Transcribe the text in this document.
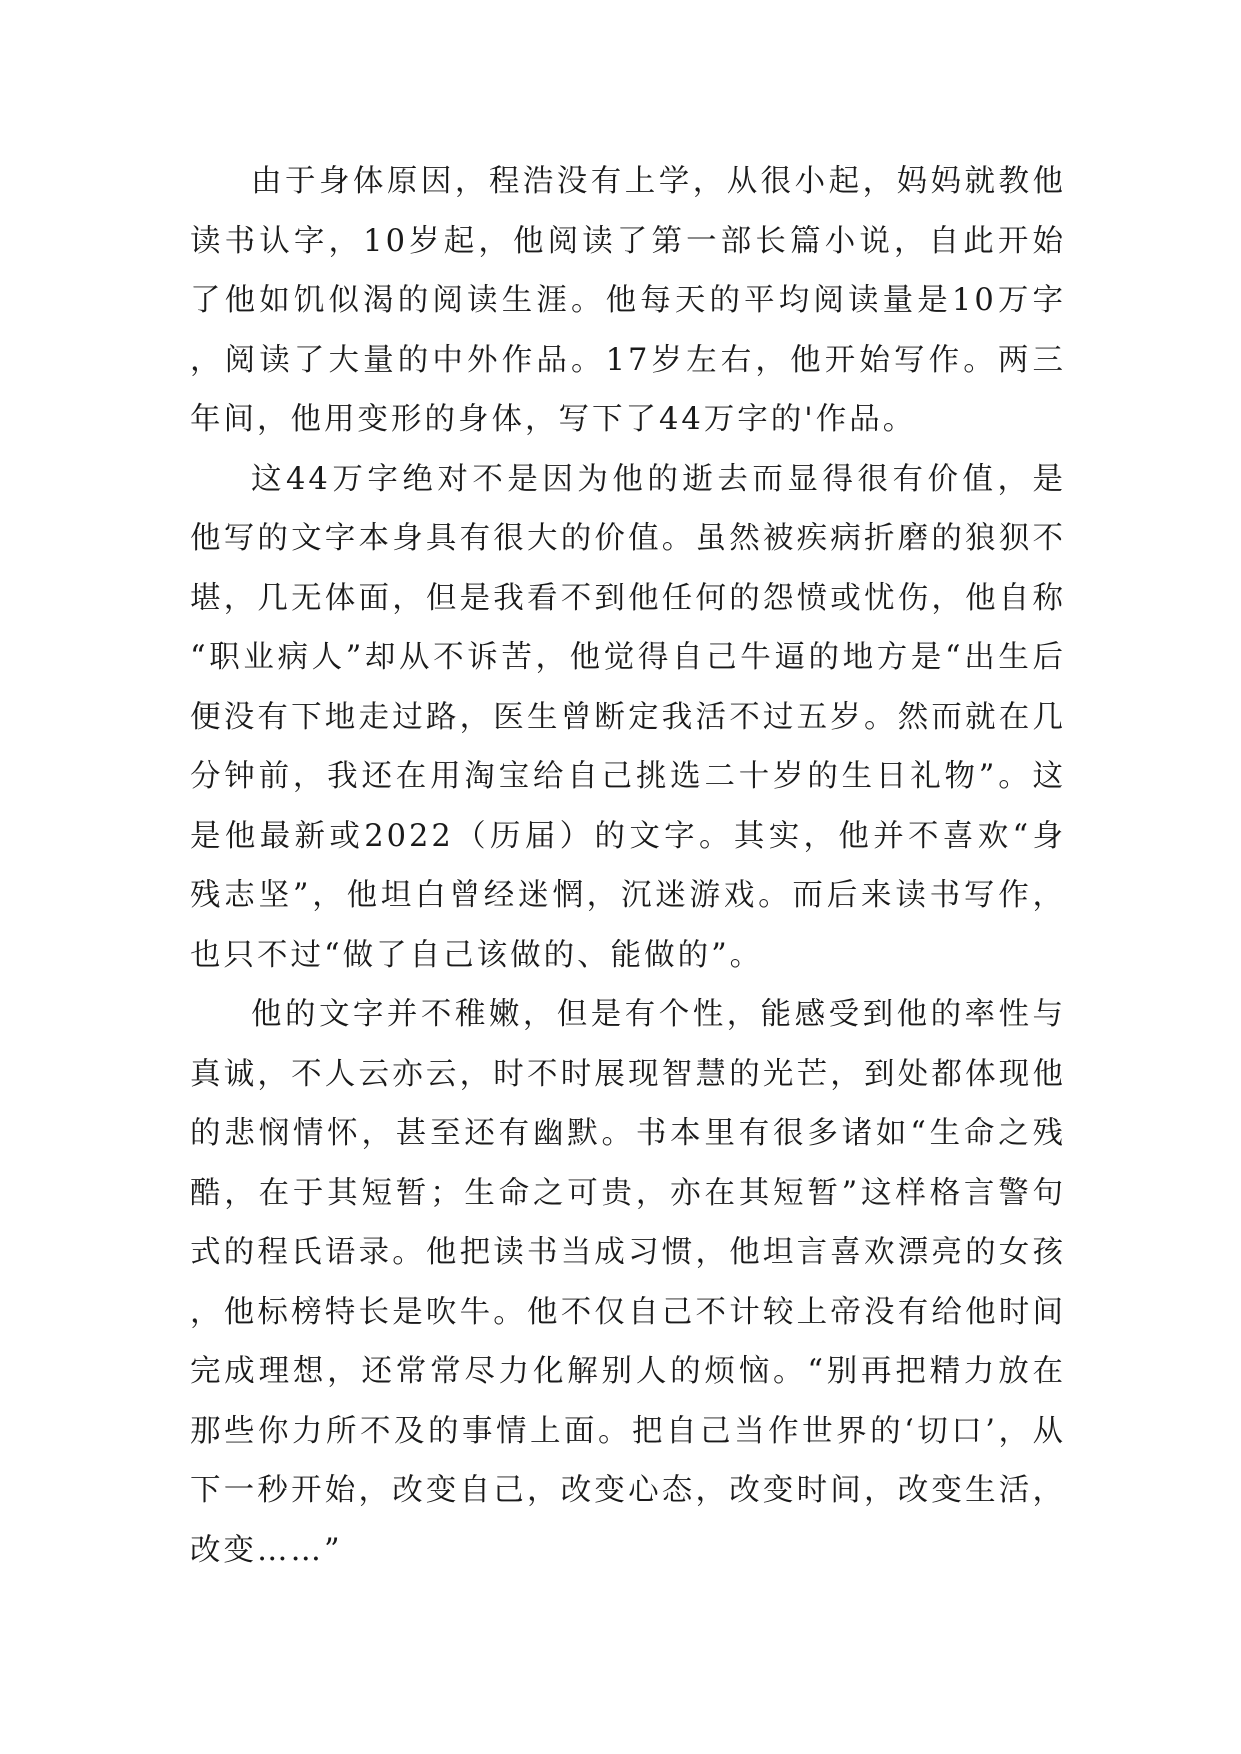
由于身体原因，程浩没有上学，从很小起，妈妈就教他读书认字，10岁起，他阅读了第一部长篇小说，自此开始了他如饥似渴的阅读生涯。他每天的平均阅读量是10万字，阅读了大量的中外作品。17岁左右，他开始写作。两三年间，他用变形的身体，写下了44万字的'作品。

这44万字绝对不是因为他的逝去而显得很有价值，是他写的文字本身具有很大的价值。虽然被疾病折磨的狼狈不堪，几无体面，但是我看不到他任何的怨愤或忧伤，他自称“职业病人”却从不诉苦，他觉得自己牛逼的地方是“出生后便没有下地走过路，医生曾断定我活不过五岁。然而就在几分钟前，我还在用淘宝给自己挑选二十岁的生日礼物”。这是他最新或2022（历届）的文字。其实，他并不喜欢“身残志坚”，他坦白曾经迷惘，沉迷游戏。而后来读书写作，也只不过“做了自己该做的、能做的”。

他的文字并不稚嫩，但是有个性，能感受到他的率性与真诚，不人云亦云，时不时展现智慧的光芒，到处都体现他的悲悯情怀，甚至还有幽默。书本里有很多诸如“生命之残酷，在于其短暂；生命之可贵，亦在其短暂”这样格言警句式的程氏语录。他把读书当成习惯，他坦言喜欢漂亮的女孩，他标榜特长是吹牛。他不仅自己不计较上帝没有给他时间完成理想，还常常尽力化解别人的烦恼。“别再把精力放在那些你力所不及的事情上面。把自己当作世界的‘切口’，从下一秒开始，改变自己，改变心态，改变时间，改变生活，改变……”
